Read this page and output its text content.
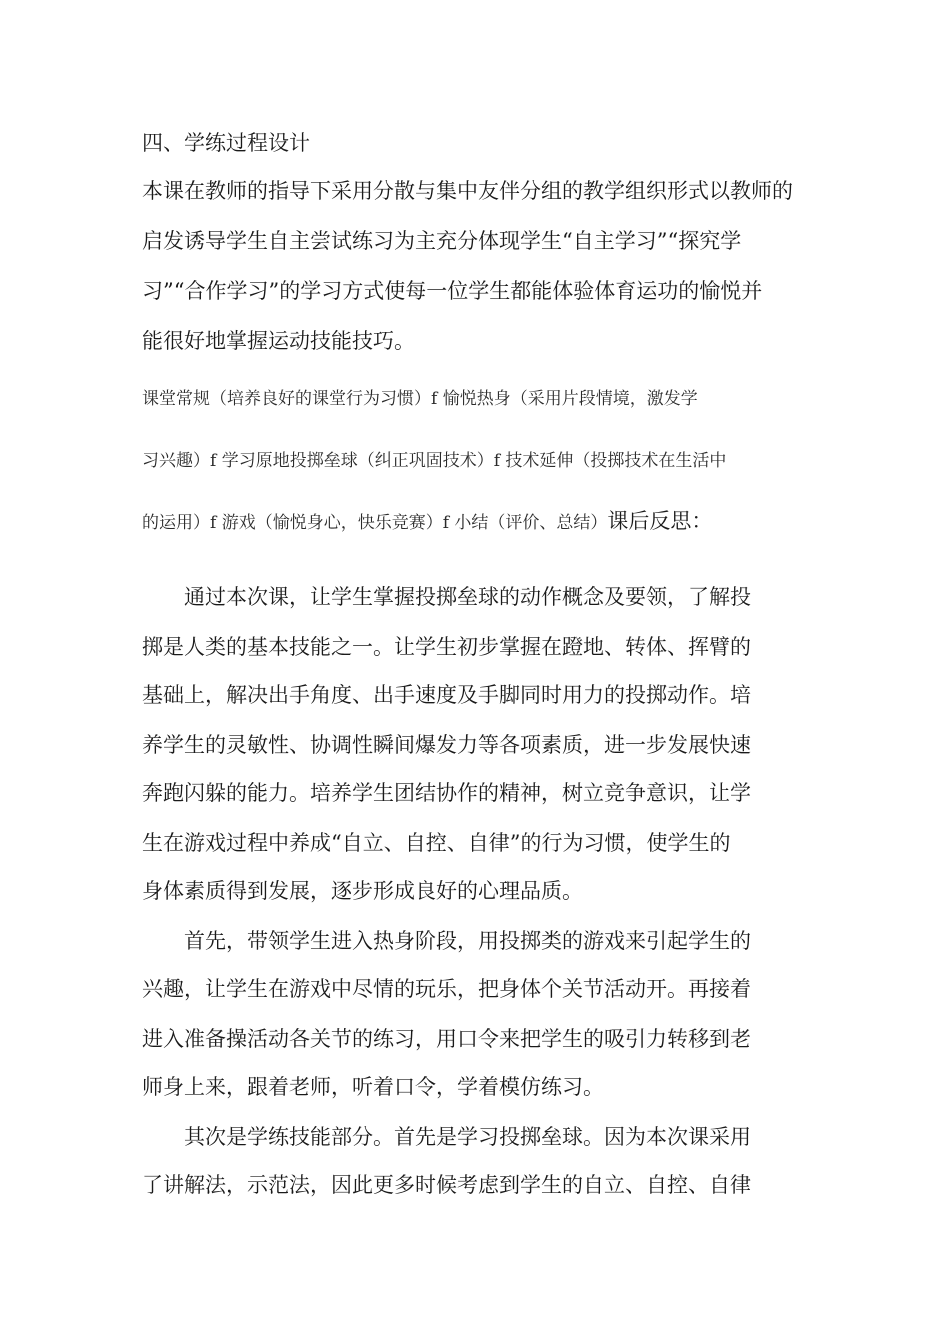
四、学练过程设计
本课在教师的指导下采用分散与集中友伴分组的教学组织形式以教师的
启发诱导学生自主尝试练习为主充分体现学生“自主学习”“探究学
习”“合作学习”的学习方式使每一位学生都能体验体育运功的愉悦并
能很好地掌握运动技能技巧。
课堂常规（培养良好的课堂行为习惯）f 愉悦热身（采用片段情境，激发学
习兴趣）f 学习原地投掷垒球（纠正巩固技术）f 技术延伸（投掷技术在生活中
的运用）f 游戏（愉悦身心，快乐竞赛）f 小结（评价、总结）课后反思：
通过本次课，让学生掌握投掷垒球的动作概念及要领，了解投
掷是人类的基本技能之一。让学生初步掌握在蹬地、转体、挥臂的
基础上，解决出手角度、出手速度及手脚同时用力的投掷动作。培
养学生的灵敏性、协调性瞬间爆发力等各项素质，进一步发展快速
奔跑闪躲的能力。培养学生团结协作的精神，树立竞争意识，让学
生在游戏过程中养成“自立、自控、自律”的行为习惯，使学生的
身体素质得到发展，逐步形成良好的心理品质。
首先，带领学生进入热身阶段，用投掷类的游戏来引起学生的
兴趣，让学生在游戏中尽情的玩乐，把身体个关节活动开。再接着
进入准备操活动各关节的练习，用口令来把学生的吸引力转移到老
师身上来，跟着老师，听着口令，学着模仿练习。
其次是学练技能部分。首先是学习投掷垒球。因为本次课采用
了讲解法，示范法，因此更多时候考虑到学生的自立、自控、自律
